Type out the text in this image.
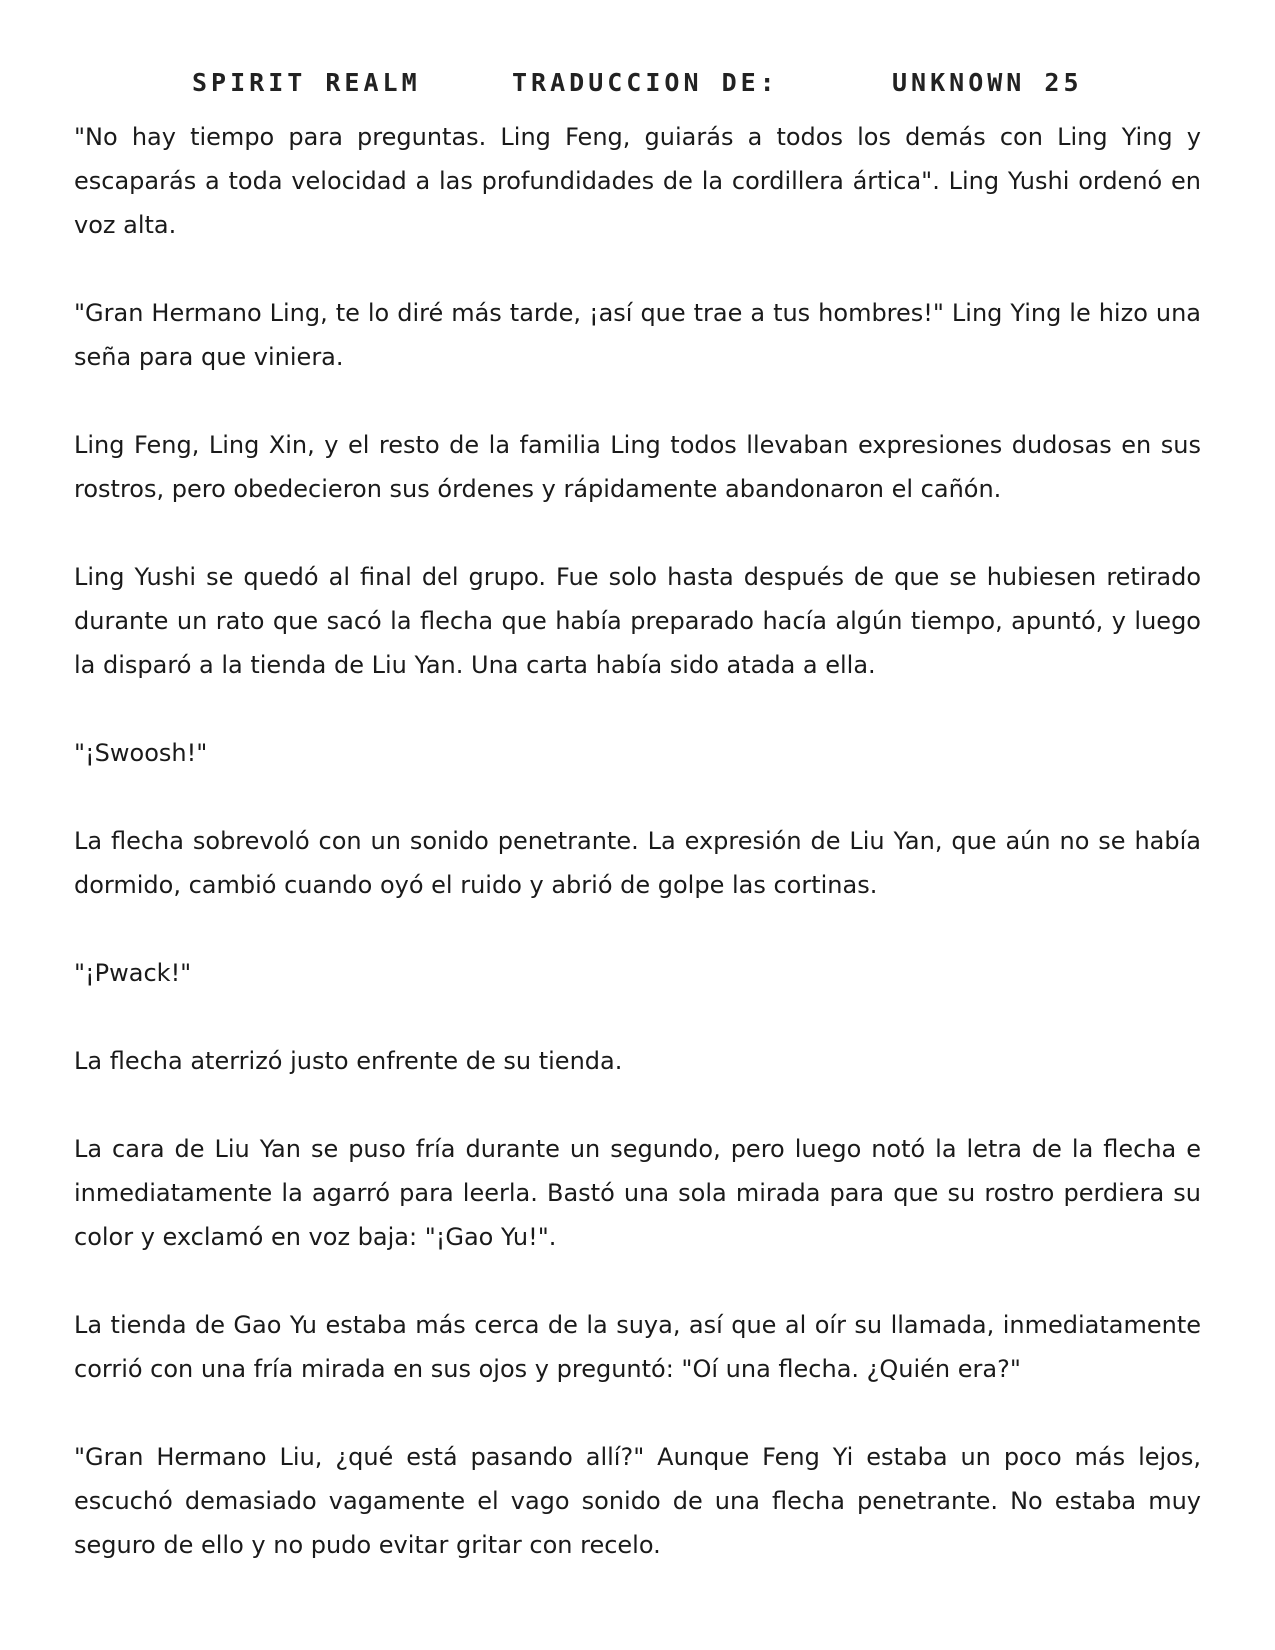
SPIRIT REALM	TRADUCCION DE:	UNKNOWN 25

"No hay tiempo para preguntas. Ling Feng, guiarás a todos los demás con Ling Ying y escaparás a toda velocidad a las profundidades de la cordillera ártica". Ling Yushi ordenó en voz alta.

"Gran Hermano Ling, te lo diré más tarde, ¡así que trae a tus hombres!" Ling Ying le hizo una seña para que viniera.

Ling Feng, Ling Xin, y el resto de la familia Ling todos llevaban expresiones dudosas en sus rostros, pero obedecieron sus órdenes y rápidamente abandonaron el cañón.

Ling Yushi se quedó al final del grupo. Fue solo hasta después de que se hubiesen retirado durante un rato que sacó la flecha que había preparado hacía algún tiempo, apuntó, y luego la disparó a la tienda de Liu Yan. Una carta había sido atada a ella.

"¡Swoosh!"

La flecha sobrevoló con un sonido penetrante. La expresión de Liu Yan, que aún no se había dormido, cambió cuando oyó el ruido y abrió de golpe las cortinas.

"¡Pwack!"

La flecha aterrizó justo enfrente de su tienda.

La cara de Liu Yan se puso fría durante un segundo, pero luego notó la letra de la flecha e inmediatamente la agarró para leerla. Bastó una sola mirada para que su rostro perdiera su color y exclamó en voz baja: "¡Gao Yu!".

La tienda de Gao Yu estaba más cerca de la suya, así que al oír su llamada, inmediatamente corrió con una fría mirada en sus ojos y preguntó: "Oí una flecha. ¿Quién era?"

"Gran Hermano Liu, ¿qué está pasando allí?" Aunque Feng Yi estaba un poco más lejos, escuchó demasiado vagamente el vago sonido de una flecha penetrante. No estaba muy seguro de ello y no pudo evitar gritar con recelo.
